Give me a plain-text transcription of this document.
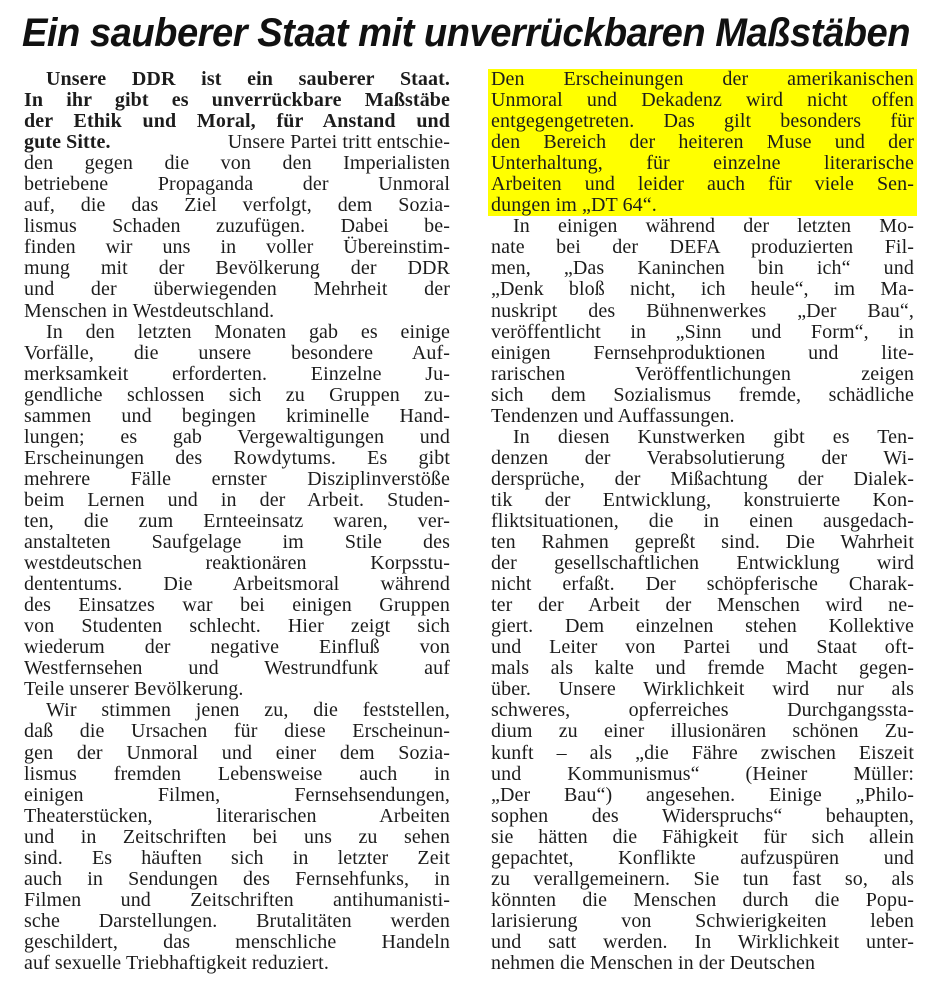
Ein sauberer Staat mit unverrückbaren Maßstäben
Unsere DDR ist ein sauberer Staat.
In ihr gibt es unverrückbare Maßstäbe
der Ethik und Moral, für Anstand und
gute Sitte.	Unsere Partei tritt entschie-
den gegen die von den Imperialisten
betriebene Propaganda der Unmoral
auf, die das Ziel verfolgt, dem Sozia-
lismus Schaden zuzufügen. Dabei be-
finden wir uns in voller Übereinstim-
mung mit der Bevölkerung der DDR
und der überwiegenden Mehrheit der
Menschen in Westdeutschland.
In den letzten Monaten gab es einige
Vorfälle, die unsere besondere Auf-
merksamkeit erforderten. Einzelne Ju-
gendliche schlossen sich zu Gruppen zu-
sammen und begingen kriminelle Hand-
lungen; es gab Vergewaltigungen und
Erscheinungen des Rowdytums. Es gibt
mehrere Fälle ernster Disziplinverstöße
beim Lernen und in der Arbeit. Studen-
ten, die zum Ernteeinsatz waren, ver-
anstalteten Saufgelage im Stile des
westdeutschen reaktionären Korpsstu-
dententums. Die Arbeitsmoral während
des Einsatzes war bei einigen Gruppen
von Studenten schlecht. Hier zeigt sich
wiederum der negative Einfluß von
Westfernsehen und Westrundfunk auf
Teile unserer Bevölkerung.
Wir stimmen jenen zu, die feststellen,
daß die Ursachen für diese Erscheinun-
gen der Unmoral und einer dem Sozia-
lismus fremden Lebensweise auch in
einigen Filmen, Fernsehsendungen,
Theaterstücken, literarischen Arbeiten
und in Zeitschriften bei uns zu sehen
sind. Es häuften sich in letzter Zeit
auch in Sendungen des Fernsehfunks, in
Filmen und Zeitschriften antihumanisti-
sche Darstellungen. Brutalitäten werden
geschildert, das menschliche Handeln
auf sexuelle Triebhaftigkeit reduziert.
Den Erscheinungen der amerikanischen
Unmoral und Dekadenz wird nicht offen
entgegengetreten. Das gilt besonders für
den Bereich der heiteren Muse und der
Unterhaltung, für einzelne literarische
Arbeiten und leider auch für viele Sen-
dungen im „DT 64“.
In einigen während der letzten Mo-
nate bei der DEFA produzierten Fil-
men, „Das Kaninchen bin ich“ und
„Denk bloß nicht, ich heule“, im Ma-
nuskript des Bühnenwerkes „Der Bau“,
veröffentlicht in „Sinn und Form“, in
einigen Fernsehproduktionen und lite-
rarischen Veröffentlichungen zeigen
sich dem Sozialismus fremde, schädliche
Tendenzen und Auffassungen.
In diesen Kunstwerken gibt es Ten-
denzen der Verabsolutierung der Wi-
dersprüche, der Mißachtung der Dialek-
tik der Entwicklung, konstruierte Kon-
fliktsituationen, die in einen ausgedach-
ten Rahmen gepreßt sind. Die Wahrheit
der gesellschaftlichen Entwicklung wird
nicht erfaßt. Der schöpferische Charak-
ter der Arbeit der Menschen wird ne-
giert. Dem einzelnen stehen Kollektive
und Leiter von Partei und Staat oft-
mals als kalte und fremde Macht gegen-
über. Unsere Wirklichkeit wird nur als
schweres, opferreiches Durchgangssta-
dium zu einer illusionären schönen Zu-
kunft – als „die Fähre zwischen Eiszeit
und Kommunismus“ (Heiner Müller:
„Der Bau“) angesehen. Einige „Philo-
sophen des Widerspruchs“ behaupten,
sie hätten die Fähigkeit für sich allein
gepachtet, Konflikte aufzuspüren und
zu verallgemeinern. Sie tun fast so, als
könnten die Menschen durch die Popu-
larisierung von Schwierigkeiten leben
und satt werden. In Wirklichkeit unter-
nehmen die Menschen in der Deutschen
